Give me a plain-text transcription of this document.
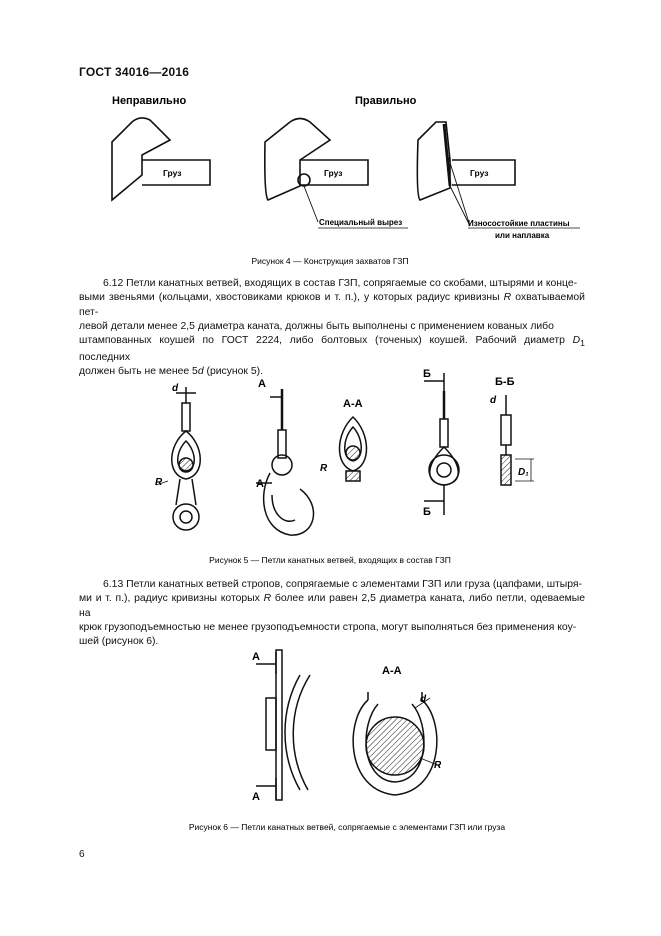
ГОСТ 34016—2016
Неправильно	Правильно
Груз	Груз
Специальный вырез
Груз
Износостойкие пластины
или наплавка
Рисунок 4 — Конструкция захватов ГЗП

6.12 Петли канатных ветвей, входящих в состав ГЗП, сопрягаемые со скобами, штырями и конце-

выми звеньями (кольцами, хвостовиками крюков и т. п.), у которых радиус кривизны R охватываемой пет-
левой детали менее 2,5 диаметра каната, должны быть выполнены с применением кованых либо
штампованных коушей по ГОСТ 2224, либо болтовых (точеных) коушей. Рабочий диаметр $D_1$ последних
должен быть не менее 5d (рисунок 5).
d
R
А
А
А-А
R
Б
Б
Б-Б
d
D₁
Рисунок 5 — Петли канатных ветвей, входящих в состав ГЗП

6.13 Петли канатных ветвей стропов, сопрягаемые с элементами ГЗП или груза (цапфами, штыря-

ми и т. п.), радиус кривизны которых R более или равен 2,5 диаметра каната, либо петли, одеваемые на
крюк грузоподъемностью не менее грузоподъемности стропа, могут выполняться без применения коу-
шей (рисунок 6).
А
А
А-А
d
R
Рисунок 6 — Петли канатных ветвей, сопрягаемые с элементами ГЗП или груза
6
